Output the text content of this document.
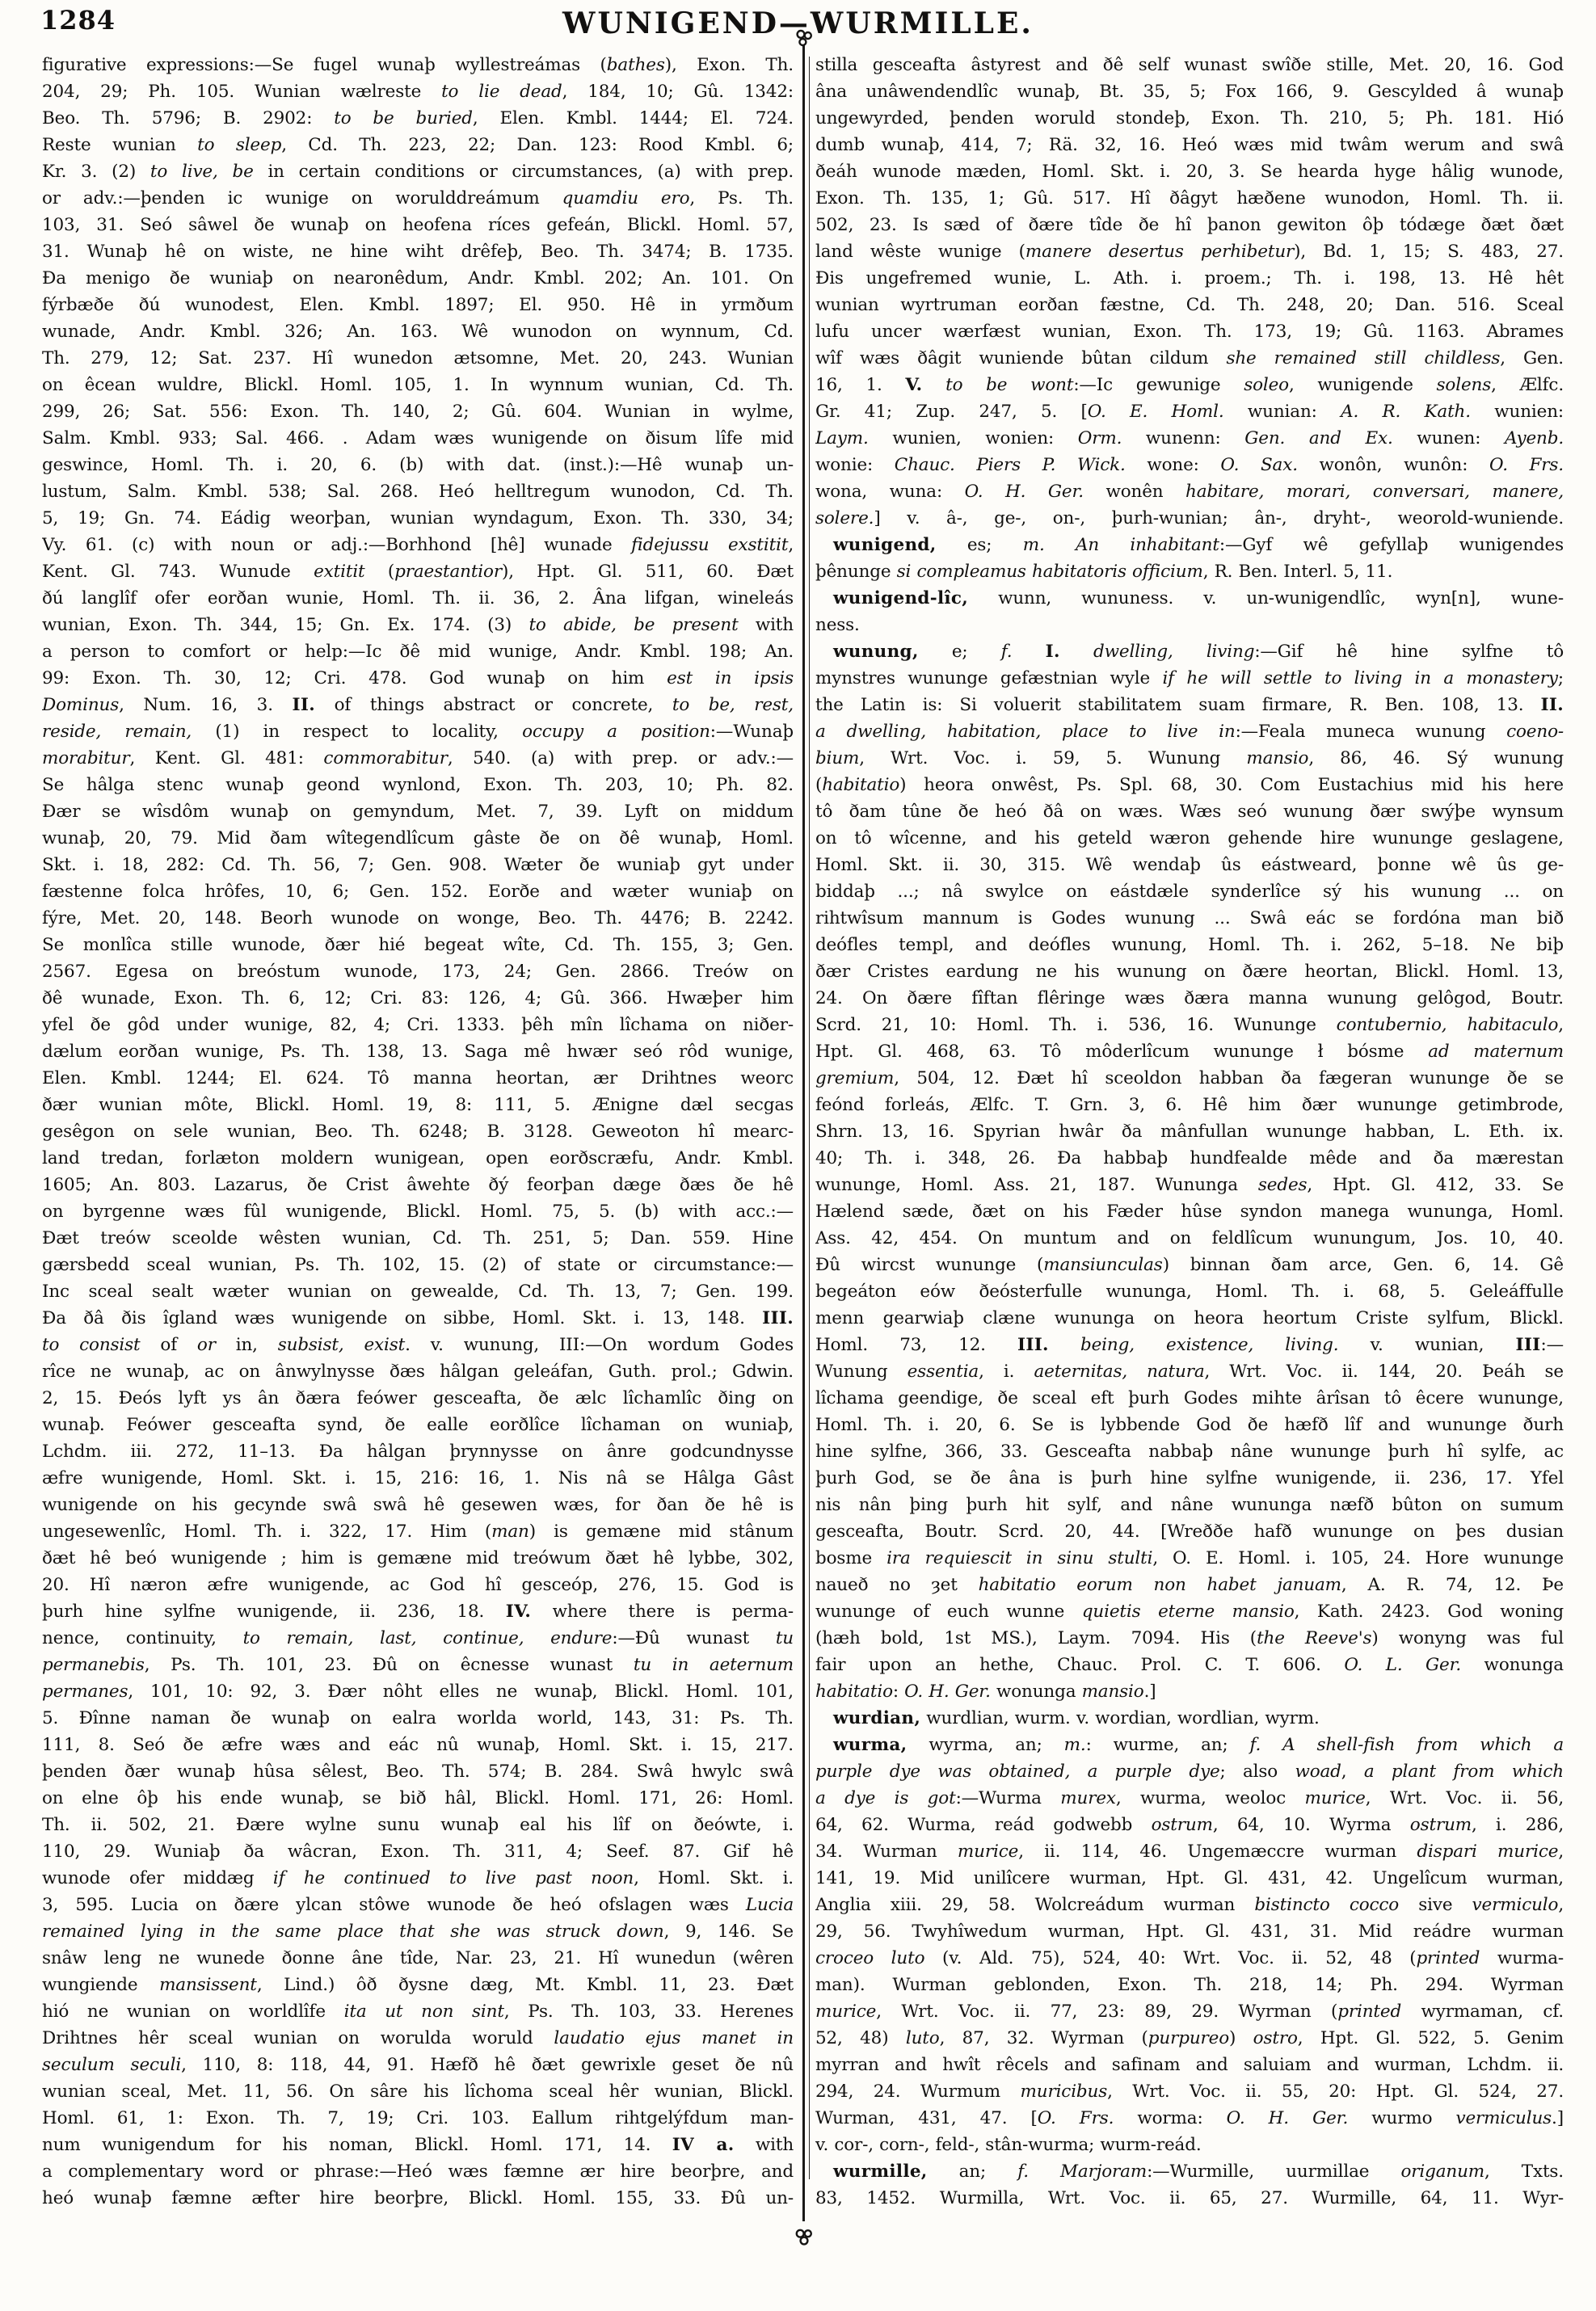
1284	WUNIGEND—WURMILLE.
figurative expressions:—Se fugel wunaþ wyllestreámas (bathes), Exon. Th.
204, 29; Ph. 105. Wunian wælreste to lie dead, 184, 10; Gû. 1342:
Beo. Th. 5796; B. 2902: to be buried, Elen. Kmbl. 1444; El. 724.
Reste wunian to sleep, Cd. Th. 223, 22; Dan. 123: Rood Kmbl. 6;
Kr. 3. (2) to live, be in certain conditions or circumstances, (a) with prep.
or adv.:—þenden ic wunige on worulddreámum quamdiu ero, Ps. Th.
103, 31. Seó sâwel ðe wunaþ on heofena ríces gefeán, Blickl. Homl. 57,
31. Wunaþ hê on wiste, ne hine wiht drêfeþ, Beo. Th. 3474; B. 1735.
Ða menigo ðe wuniaþ on nearonêdum, Andr. Kmbl. 202; An. 101. On
fýrbæðe ðú wunodest, Elen. Kmbl. 1897; El. 950. Hê in yrmðum
wunade, Andr. Kmbl. 326; An. 163. Wê wunodon on wynnum, Cd.
Th. 279, 12; Sat. 237. Hî wunedon ætsomne, Met. 20, 243. Wunian
on êcean wuldre, Blickl. Homl. 105, 1. In wynnum wunian, Cd. Th.
299, 26; Sat. 556: Exon. Th. 140, 2; Gû. 604. Wunian in wylme,
Salm. Kmbl. 933; Sal. 466. . Adam wæs wunigende on ðisum lîfe mid
geswince, Homl. Th. i. 20, 6. (b) with dat. (inst.):—Hê wunaþ un-
lustum, Salm. Kmbl. 538; Sal. 268. Heó helltregum wunodon, Cd. Th.
5, 19; Gn. 74. Eádig weorþan, wunian wyndagum, Exon. Th. 330, 34;
Vy. 61. (c) with noun or adj.:—Borhhond [hê] wunade fidejussu exstitit,
Kent. Gl. 743. Wunude extitit (praestantior), Hpt. Gl. 511, 60. Ðæt
ðú langlîf ofer eorðan wunie, Homl. Th. ii. 36, 2. Âna lifgan, wineleás
wunian, Exon. Th. 344, 15; Gn. Ex. 174. (3) to abide, be present with
a person to comfort or help:—Ic ðê mid wunige, Andr. Kmbl. 198; An.
99: Exon. Th. 30, 12; Cri. 478. God wunaþ on him est in ipsis
Dominus, Num. 16, 3. II. of things abstract or concrete, to be, rest,
reside, remain, (1) in respect to locality, occupy a position:—Wunaþ
morabitur, Kent. Gl. 481: commorabitur, 540. (a) with prep. or adv.:—
Se hâlga stenc wunaþ geond wynlond, Exon. Th. 203, 10; Ph. 82.
Ðær se wîsdôm wunaþ on gemyndum, Met. 7, 39. Lyft on middum
wunaþ, 20, 79. Mid ðam wîtegendlîcum gâste ðe on ðê wunaþ, Homl.
Skt. i. 18, 282: Cd. Th. 56, 7; Gen. 908. Wæter ðe wuniaþ gyt under
fæstenne folca hrôfes, 10, 6; Gen. 152. Eorðe and wæter wuniaþ on
fýre, Met. 20, 148. Beorh wunode on wonge, Beo. Th. 4476; B. 2242.
Se monlîca stille wunode, ðær hié begeat wîte, Cd. Th. 155, 3; Gen.
2567. Egesa on breóstum wunode, 173, 24; Gen. 2866. Treów on
ðê wunade, Exon. Th. 6, 12; Cri. 83: 126, 4; Gû. 366. Hwæþer him
yfel ðe gôd under wunige, 82, 4; Cri. 1333. þêh mîn lîchama on niðer-
dælum eorðan wunige, Ps. Th. 138, 13. Saga mê hwær seó rôd wunige,
Elen. Kmbl. 1244; El. 624. Tô manna heortan, ær Drihtnes weorc
ðær wunian môte, Blickl. Homl. 19, 8: 111, 5. Ænigne dæl secgas
gesêgon on sele wunian, Beo. Th. 6248; B. 3128. Geweoton hî mearc-
land tredan, forlæton moldern wunigean, open eorðscræfu, Andr. Kmbl.
1605; An. 803. Lazarus, ðe Crist âwehte ðý feorþan dæge ðæs ðe hê
on byrgenne wæs fûl wunigende, Blickl. Homl. 75, 5. (b) with acc.:—
Ðæt treów sceolde wêsten wunian, Cd. Th. 251, 5; Dan. 559. Hine
gærsbedd sceal wunian, Ps. Th. 102, 15. (2) of state or circumstance:—
Inc sceal sealt wæter wunian on gewealde, Cd. Th. 13, 7; Gen. 199.
Ða ðâ ðis îgland wæs wunigende on sibbe, Homl. Skt. i. 13, 148. III.
to consist of or in, subsist, exist. v. wunung, III:—On wordum Godes
rîce ne wunaþ, ac on ânwylnysse ðæs hâlgan geleáfan, Guth. prol.; Gdwin.
2, 15. Ðeós lyft ys ân ðæra feówer gesceafta, ðe ælc lîchamlîc ðing on
wunaþ. Feówer gesceafta synd, ðe ealle eorðlîce lîchaman on wuniaþ,
Lchdm. iii. 272, 11–13. Ða hâlgan þrynnysse on ânre godcundnysse
æfre wunigende, Homl. Skt. i. 15, 216: 16, 1. Nis nâ se Hâlga Gâst
wunigende on his gecynde swâ swâ hê gesewen wæs, for ðan ðe hê is
ungesewenlîc, Homl. Th. i. 322, 17. Him (man) is gemæne mid stânum
ðæt hê beó wunigende ; him is gemæne mid treówum ðæt hê lybbe, 302,
20. Hî næron æfre wunigende, ac God hî gesceóp, 276, 15. God is
þurh hine sylfne wunigende, ii. 236, 18. IV. where there is perma-
nence, continuity, to remain, last, continue, endure:—Ðû wunast tu
permanebis, Ps. Th. 101, 23. Ðû on êcnesse wunast tu in aeternum
permanes, 101, 10: 92, 3. Ðær nôht elles ne wunaþ, Blickl. Homl. 101,
5. Ðînne naman ðe wunaþ on ealra worlda world, 143, 31: Ps. Th.
111, 8. Seó ðe æfre wæs and eác nû wunaþ, Homl. Skt. i. 15, 217.
þenden ðær wunaþ hûsa sêlest, Beo. Th. 574; B. 284. Swâ hwylc swâ
on elne ôþ his ende wunaþ, se bið hâl, Blickl. Homl. 171, 26: Homl.
Th. ii. 502, 21. Ðære wylne sunu wunaþ eal his lîf on ðeówte, i.
110, 29. Wuniaþ ða wâcran, Exon. Th. 311, 4; Seef. 87. Gif hê
wunode ofer middæg if he continued to live past noon, Homl. Skt. i.
3, 595. Lucia on ðære ylcan stôwe wunode ðe heó ofslagen wæs Lucia
remained lying in the same place that she was struck down, 9, 146. Se
snâw leng ne wunede ðonne âne tîde, Nar. 23, 21. Hî wunedun (wêren
wungiende mansissent, Lind.) ôð ðysne dæg, Mt. Kmbl. 11, 23. Ðæt
hió ne wunian on worldlîfe ita ut non sint, Ps. Th. 103, 33. Herenes
Drihtnes hêr sceal wunian on worulda woruld laudatio ejus manet in
seculum seculi, 110, 8: 118, 44, 91. Hæfð hê ðæt gewrixle geset ðe nû
wunian sceal, Met. 11, 56. On sâre his lîchoma sceal hêr wunian, Blickl.
Homl. 61, 1: Exon. Th. 7, 19; Cri. 103. Eallum rihtgelýfdum man-
num wunigendum for his noman, Blickl. Homl. 171, 14. IV a. with
a complementary word or phrase:—Heó wæs fæmne ær hire beorþre, and
heó wunaþ fæmne æfter hire beorþre, Blickl. Homl. 155, 33. Ðû un-
stilla gesceafta âstyrest and ðê self wunast swîðe stille, Met. 20, 16. God
âna unâwendendlîc wunaþ, Bt. 35, 5; Fox 166, 9. Gescylded â wunaþ
ungewyrded, þenden woruld stondeþ, Exon. Th. 210, 5; Ph. 181. Hió
dumb wunaþ, 414, 7; Rä. 32, 16. Heó wæs mid twâm werum and swâ
ðeáh wunode mæden, Homl. Skt. i. 20, 3. Se hearda hyge hâlig wunode,
Exon. Th. 135, 1; Gû. 517. Hî ðâgyt hæðene wunodon, Homl. Th. ii.
502, 23. Is sæd of ðære tîde ðe hî þanon gewiton ôþ tódæge ðæt ðæt
land wêste wunige (manere desertus perhibetur), Bd. 1, 15; S. 483, 27.
Ðis ungefremed wunie, L. Ath. i. proem.; Th. i. 198, 13. Hê hêt
wunian wyrtruman eorðan fæstne, Cd. Th. 248, 20; Dan. 516. Sceal
lufu uncer wærfæst wunian, Exon. Th. 173, 19; Gû. 1163. Abrames
wîf wæs ðâgit wuniende bûtan cildum she remained still childless, Gen.
16, 1. V. to be wont:—Ic gewunige soleo, wunigende solens, Ælfc.
Gr. 41; Zup. 247, 5. [O. E. Homl. wunian: A. R. Kath. wunien:
Laym. wunien, wonien: Orm. wunenn: Gen. and Ex. wunen: Ayenb.
wonie: Chauc. Piers P. Wick. wone: O. Sax. wonôn, wunôn: O. Frs.
wona, wuna: O. H. Ger. wonên habitare, morari, conversari, manere,
solere.] v. â-, ge-, on-, þurh-wunian; ân-, dryht-, weorold-wuniende.
wunigend, es; m. An inhabitant:—Gyf wê gefyllaþ wunigendes
þênunge si compleamus habitatoris officium, R. Ben. Interl. 5, 11.
wunigend-lîc, wunn, wununess. v. un-wunigendlîc, wyn[n], wune-
ness.
wunung, e; f. I. dwelling, living:—Gif hê hine sylfne tô
mynstres wununge gefæstnian wyle if he will settle to living in a monastery;
the Latin is: Si voluerit stabilitatem suam firmare, R. Ben. 108, 13. II.
a dwelling, habitation, place to live in:—Feala muneca wunung coeno-
bium, Wrt. Voc. i. 59, 5. Wunung mansio, 86, 46. Sý wunung
(habitatio) heora onwêst, Ps. Spl. 68, 30. Com Eustachius mid his here
tô ðam tûne ðe heó ðâ on wæs. Wæs seó wunung ðær swýþe wynsum
on tô wîcenne, and his geteld wæron gehende hire wununge geslagene,
Homl. Skt. ii. 30, 315. Wê wendaþ ûs eástweard, þonne wê ûs ge-
biddaþ ...; nâ swylce on eástdæle synderlîce sý his wunung ... on
rihtwîsum mannum is Godes wunung ... Swâ eác se fordóna man bið
deófles templ, and deófles wunung, Homl. Th. i. 262, 5–18. Ne biþ
ðær Cristes eardung ne his wunung on ðære heortan, Blickl. Homl. 13,
24. On ðære fîftan flêringe wæs ðæra manna wunung gelôgod, Boutr.
Scrd. 21, 10: Homl. Th. i. 536, 16. Wununge contubernio, habitaculo,
Hpt. Gl. 468, 63. Tô môderlîcum wununge ł bósme ad maternum
gremium, 504, 12. Ðæt hî sceoldon habban ða fægeran wununge ðe se
feónd forleás, Ælfc. T. Grn. 3, 6. Hê him ðær wununge getimbrode,
Shrn. 13, 16. Spyrian hwâr ða mânfullan wununge habban, L. Eth. ix.
40; Th. i. 348, 26. Ða habbaþ hundfealde mêde and ða mærestan
wununge, Homl. Ass. 21, 187. Wununga sedes, Hpt. Gl. 412, 33. Se
Hælend sæde, ðæt on his Fæder hûse syndon manega wununga, Homl.
Ass. 42, 454. On muntum and on feldlîcum wunungum, Jos. 10, 40.
Ðû wircst wununge (mansiunculas) binnan ðam arce, Gen. 6, 14. Gê
begeáton eów ðeósterfulle wununga, Homl. Th. i. 68, 5. Geleáffulle
menn gearwiaþ clæne wununga on heora heortum Criste sylfum, Blickl.
Homl. 73, 12. III. being, existence, living. v. wunian, III:—
Wunung essentia, i. aeternitas, natura, Wrt. Voc. ii. 144, 20. Þeáh se
lîchama geendige, ðe sceal eft þurh Godes mihte ârîsan tô êcere wununge,
Homl. Th. i. 20, 6. Se is lybbende God ðe hæfð lîf and wununge ðurh
hine sylfne, 366, 33. Gesceafta nabbaþ nâne wununge þurh hî sylfe, ac
þurh God, se ðe âna is þurh hine sylfne wunigende, ii. 236, 17. Yfel
nis nân þing þurh hit sylf, and nâne wununga næfð bûton on sumum
gesceafta, Boutr. Scrd. 20, 44. [Wreððe hafð wununge on þes dusian
bosme ira requiescit in sinu stulti, O. E. Homl. i. 105, 24. Hore wununge
naueð no ȝet habitatio eorum non habet januam, A. R. 74, 12. Þe
wununge of euch wunne quietis eterne mansio, Kath. 2423. God woning
(hæh bold, 1st MS.), Laym. 7094. His (the Reeve's) wonyng was ful
fair upon an hethe, Chauc. Prol. C. T. 606. O. L. Ger. wonunga
habitatio: O. H. Ger. wonunga mansio.]
wurdian, wurdlian, wurm. v. wordian, wordlian, wyrm.
wurma, wyrma, an; m.: wurme, an; f. A shell-fish from which a
purple dye was obtained, a purple dye; also woad, a plant from which
a dye is got:—Wurma murex, wurma, weoloc murice, Wrt. Voc. ii. 56,
64, 62. Wurma, reád godwebb ostrum, 64, 10. Wyrma ostrum, i. 286,
34. Wurman murice, ii. 114, 46. Ungemæccre wurman dispari murice,
141, 19. Mid unilîcere wurman, Hpt. Gl. 431, 42. Ungelîcum wurman,
Anglia xiii. 29, 58. Wolcreádum wurman bistincto cocco sive vermiculo,
29, 56. Twyhîwedum wurman, Hpt. Gl. 431, 31. Mid reádre wurman
croceo luto (v. Ald. 75), 524, 40: Wrt. Voc. ii. 52, 48 (printed wurma-
man). Wurman geblonden, Exon. Th. 218, 14; Ph. 294. Wyrman
murice, Wrt. Voc. ii. 77, 23: 89, 29. Wyrman (printed wyrmaman, cf.
52, 48) luto, 87, 32. Wyrman (purpureo) ostro, Hpt. Gl. 522, 5. Genim
myrran and hwît rêcels and safinam and saluiam and wurman, Lchdm. ii.
294, 24. Wurmum muricibus, Wrt. Voc. ii. 55, 20: Hpt. Gl. 524, 27.
Wurman, 431, 47. [O. Frs. worma: O. H. Ger. wurmo vermiculus.]
v. cor-, corn-, feld-, stân-wurma; wurm-reád.
wurmille, an; f. Marjoram:—Wurmille, uurmillae origanum, Txts.
83, 1452. Wurmilla, Wrt. Voc. ii. 65, 27. Wurmille, 64, 11. Wyr-
